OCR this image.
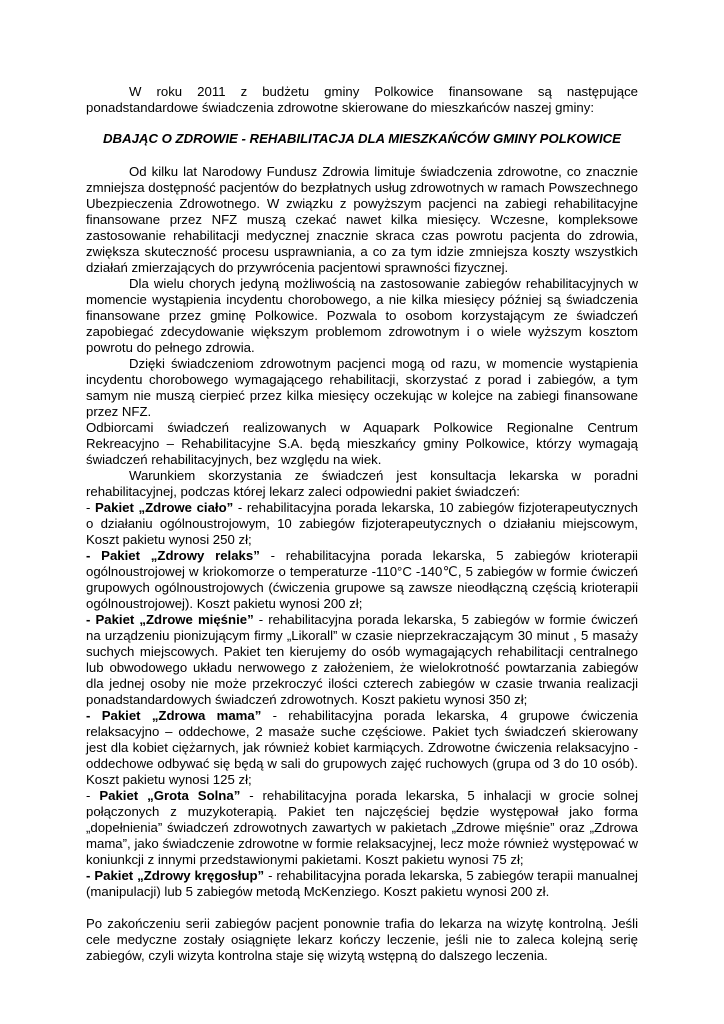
W roku 2011 z budżetu gminy Polkowice finansowane są następujące ponadstandardowe świadczenia zdrowotne skierowane do mieszkańców naszej gminy:

DBAJĄC O ZDROWIE - REHABILITACJA DLA MIESZKAŃCÓW GMINY POLKOWICE

Od kilku lat Narodowy Fundusz Zdrowia limituje świadczenia zdrowotne, co znacznie zmniejsza dostępność pacjentów do bezpłatnych usług zdrowotnych w ramach Powszechnego Ubezpieczenia Zdrowotnego. W związku z powyższym pacjenci na zabiegi rehabilitacyjne finansowane przez NFZ muszą czekać nawet kilka miesięcy. Wczesne, kompleksowe zastosowanie rehabilitacji medycznej znacznie skraca czas powrotu pacjenta do zdrowia, zwiększa skuteczność procesu usprawniania, a co za tym idzie zmniejsza koszty wszystkich działań zmierzających do przywrócenia pacjentowi sprawności fizycznej.

Dla wielu chorych jedyną możliwością na zastosowanie zabiegów rehabilitacyjnych w momencie wystąpienia incydentu chorobowego, a nie kilka miesięcy później są świadczenia finansowane przez gminę Polkowice. Pozwala to osobom korzystającym ze świadczeń zapobiegać zdecydowanie większym problemom zdrowotnym i o wiele wyższym kosztom powrotu do pełnego zdrowia.

Dzięki świadczeniom zdrowotnym pacjenci mogą od razu, w momencie wystąpienia incydentu chorobowego wymagającego rehabilitacji, skorzystać z porad i zabiegów, a tym samym nie muszą cierpieć przez kilka miesięcy oczekując w kolejce na zabiegi finansowane przez NFZ.

Odbiorcami świadczeń realizowanych w Aquapark Polkowice Regionalne Centrum Rekreacyjno – Rehabilitacyjne S.A. będą mieszkańcy gminy Polkowice, którzy wymagają świadczeń rehabilitacyjnych, bez względu na wiek.

Warunkiem skorzystania ze świadczeń jest konsultacja lekarska w poradni rehabilitacyjnej, podczas której lekarz zaleci odpowiedni pakiet świadczeń:

- Pakiet „Zdrowe ciało” - rehabilitacyjna porada lekarska, 10 zabiegów fizjoterapeutycznych o działaniu ogólnoustrojowym, 10 zabiegów fizjoterapeutycznych o działaniu miejscowym, Koszt pakietu wynosi 250 zł;

- Pakiet „Zdrowy relaks” - rehabilitacyjna porada lekarska, 5 zabiegów krioterapii ogólnoustrojowej w kriokomorze o temperaturze -110°C -140℃, 5 zabiegów w formie ćwiczeń grupowych ogólnoustrojowych (ćwiczenia grupowe są zawsze nieodłączną częścią krioterapii ogólnoustrojowej). Koszt pakietu wynosi 200 zł;

- Pakiet „Zdrowe mięśnie” - rehabilitacyjna porada lekarska, 5 zabiegów w formie ćwiczeń na urządzeniu pionizującym firmy „Likorall” w czasie nieprzekraczającym 30 minut , 5 masaży suchych miejscowych. Pakiet ten kierujemy do osób wymagających rehabilitacji centralnego lub obwodowego układu nerwowego z założeniem, że wielokrotność powtarzania zabiegów dla jednej osoby nie może przekroczyć ilości czterech zabiegów w czasie trwania realizacji ponadstandardowych świadczeń zdrowotnych. Koszt pakietu wynosi 350 zł;

- Pakiet „Zdrowa mama” - rehabilitacyjna porada lekarska, 4 grupowe ćwiczenia relaksacyjno – oddechowe, 2 masaże suche częściowe. Pakiet tych świadczeń skierowany jest dla kobiet ciężarnych, jak również kobiet karmiących. Zdrowotne ćwiczenia relaksacyjno - oddechowe odbywać się będą w sali do grupowych zajęć ruchowych (grupa od 3 do 10 osób). Koszt pakietu wynosi 125 zł;

- Pakiet „Grota Solna” - rehabilitacyjna porada lekarska, 5 inhalacji w grocie solnej połączonych z muzykoterapią. Pakiet ten najczęściej będzie występował jako forma „dopełnienia” świadczeń zdrowotnych zawartych w pakietach „Zdrowe mięśnie” oraz „Zdrowa mama”, jako świadczenie zdrowotne w formie relaksacyjnej, lecz może również występować w koniunkcji z innymi przedstawionymi pakietami. Koszt pakietu wynosi 75 zł;

- Pakiet „Zdrowy kręgosłup” - rehabilitacyjna porada lekarska, 5 zabiegów terapii manualnej (manipulacji) lub 5 zabiegów metodą McKenziego. Koszt pakietu wynosi 200 zł.

Po zakończeniu serii zabiegów pacjent ponownie trafia do lekarza na wizytę kontrolną. Jeśli cele medyczne zostały osiągnięte lekarz kończy leczenie, jeśli nie to zaleca kolejną serię zabiegów, czyli wizyta kontrolna staje się wizytą wstępną do dalszego leczenia.
